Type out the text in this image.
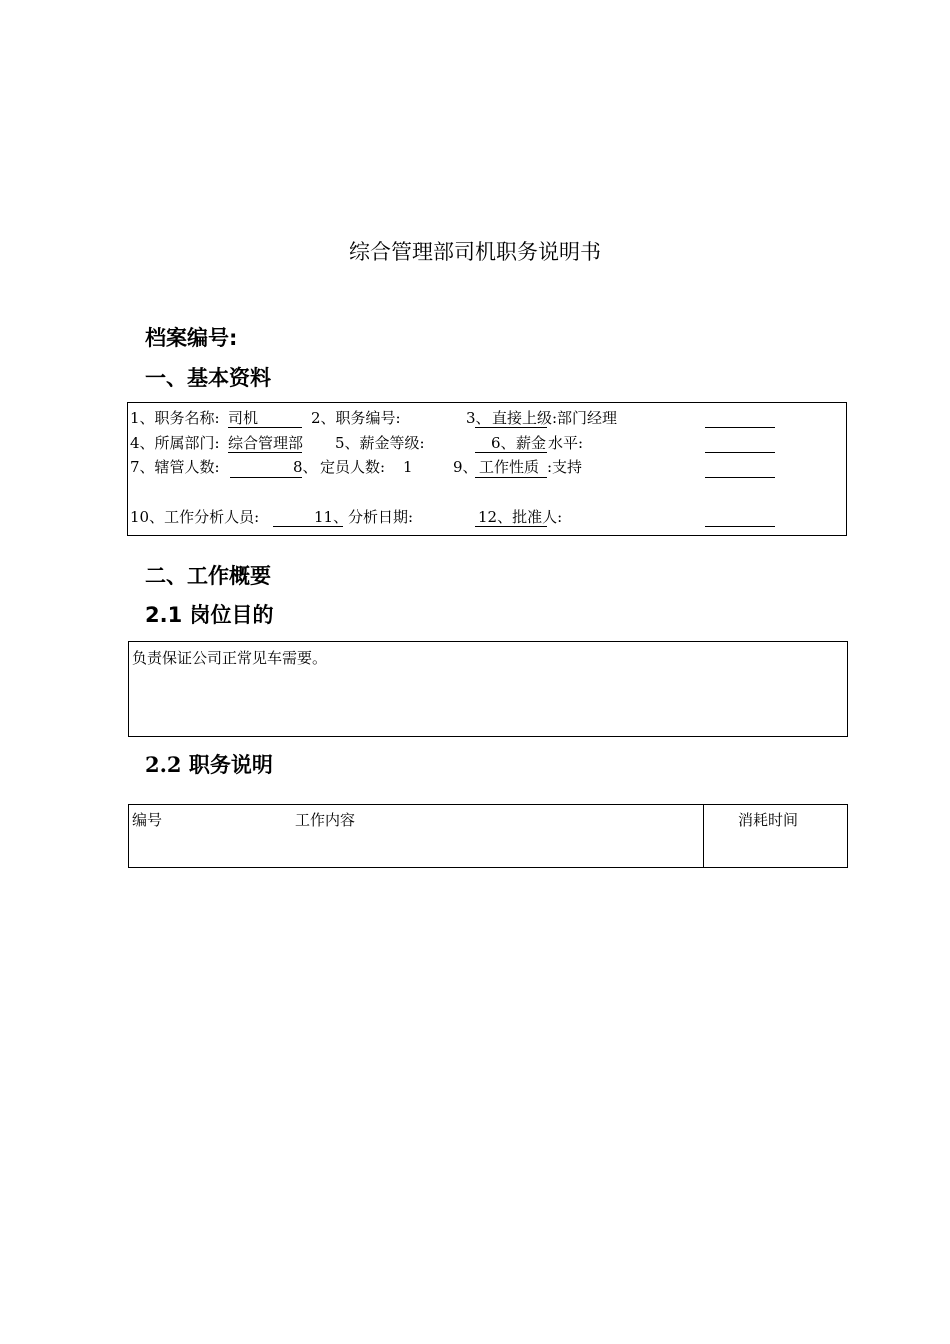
综合管理部司机职务说明书
档案编号:
一、基本资料
1、职务名称: 司机	2、职务编号:	3、 直接上级 :部门经理
4、所属部门: 综合管理部 5、薪金等级:	6、 薪金 水平:
7、辖管人数:	8、 定员人数: 1	9、 工作性质 :支持
10、工作分析人员:	11、 分析日期:	12、批准人:
二、工作概要
2.1 岗位目的
负责保证公司正常见车需要。
2.2 职务说明
编号	工作内容	消耗时间
